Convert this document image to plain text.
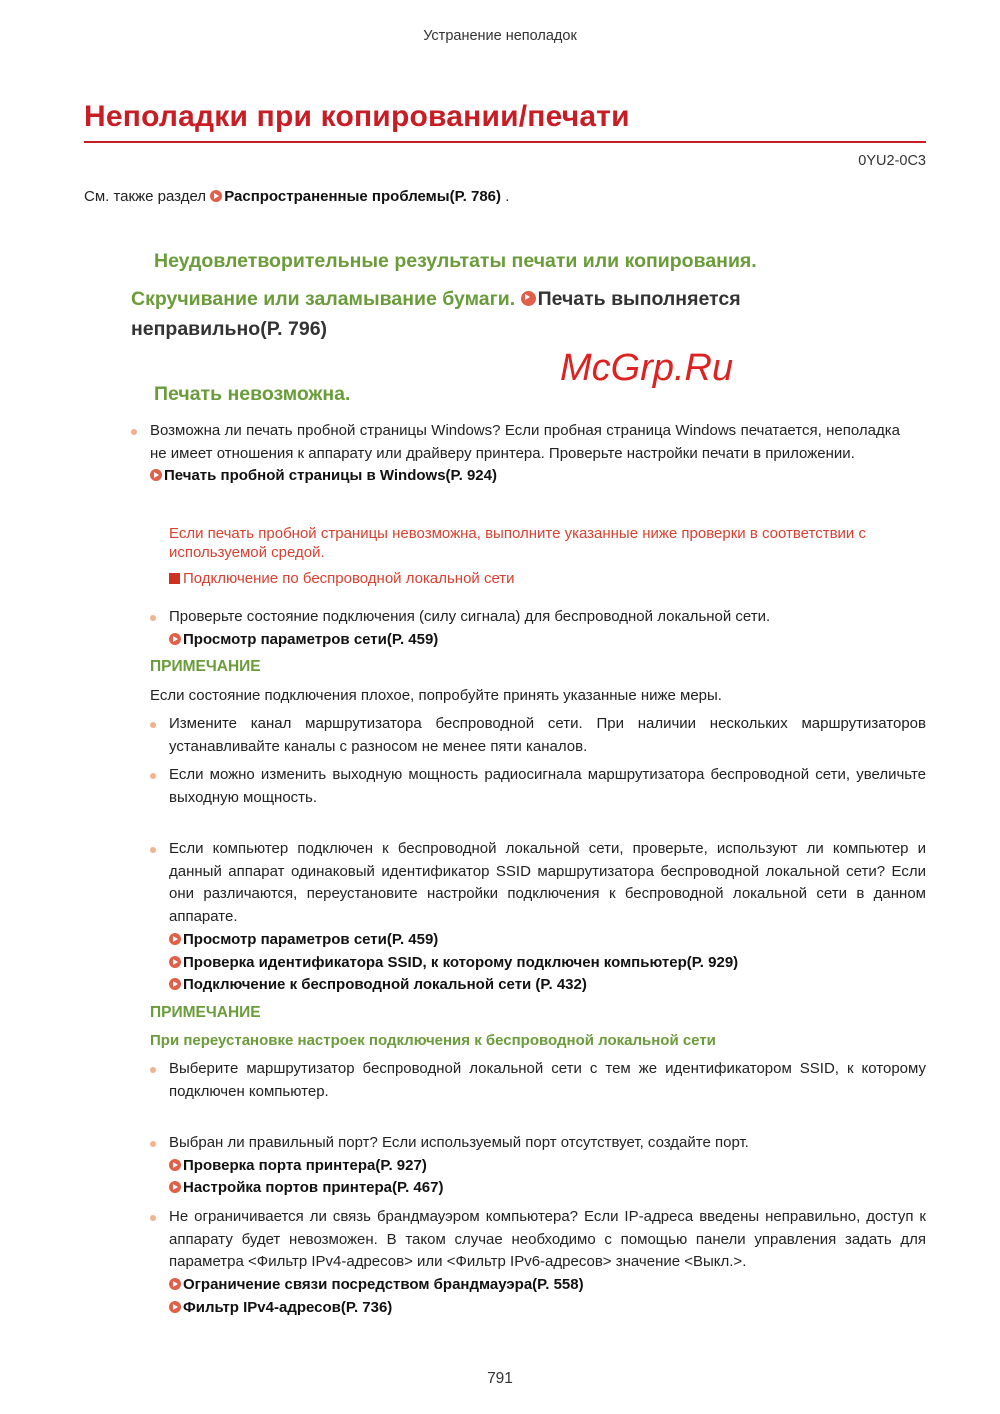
Устранение неполадок
Неполадки при копировании/печати
0YU2-0C3
См. также раздел Распространенные проблемы(P. 786) .
Неудовлетворительные результаты печати или копирования.
Скручивание или заламывание бумаги. Печать выполняется неправильно(P. 796)
Печать невозможна.
Возможна ли печать пробной страницы Windows? Если пробная страница Windows печатается, неполадка не имеет отношения к аппарату или драйверу принтера. Проверьте настройки печати в приложении.
Печать пробной страницы в Windows(P. 924)
Если печать пробной страницы невозможна, выполните указанные ниже проверки в соответствии с используемой средой.
Подключение по беспроводной локальной сети
Проверьте состояние подключения (силу сигнала) для беспроводной локальной сети.
Просмотр параметров сети(P. 459)
ПРИМЕЧАНИЕ
Если состояние подключения плохое, попробуйте принять указанные ниже меры.
Измените канал маршрутизатора беспроводной сети. При наличии нескольких маршрутизаторов устанавливайте каналы с разносом не менее пяти каналов.
Если можно изменить выходную мощность радиосигнала маршрутизатора беспроводной сети, увеличьте выходную мощность.
Если компьютер подключен к беспроводной локальной сети, проверьте, используют ли компьютер и данный аппарат одинаковый идентификатор SSID маршрутизатора беспроводной локальной сети? Если они различаются, переустановите настройки подключения к беспроводной локальной сети в данном аппарате.
Просмотр параметров сети(P. 459)
Проверка идентификатора SSID, к которому подключен компьютер(P. 929)
Подключение к беспроводной локальной сети (P. 432)
ПРИМЕЧАНИЕ
При переустановке настроек подключения к беспроводной локальной сети
Выберите маршрутизатор беспроводной локальной сети с тем же идентификатором SSID, к которому подключен компьютер.
Выбран ли правильный порт? Если используемый порт отсутствует, создайте порт.
Проверка порта принтера(P. 927)
Настройка портов принтера(P. 467)
Не ограничивается ли связь брандмауэром компьютера? Если IP-адреса введены неправильно, доступ к аппарату будет невозможен. В таком случае необходимо с помощью панели управления задать для параметра <Фильтр IPv4-адресов> или <Фильтр IPv6-адресов> значение <Выкл.>.
Ограничение связи посредством брандмауэра(P. 558)
Фильтр IPv4-адресов(P. 736)
McGrp.Ru
791
